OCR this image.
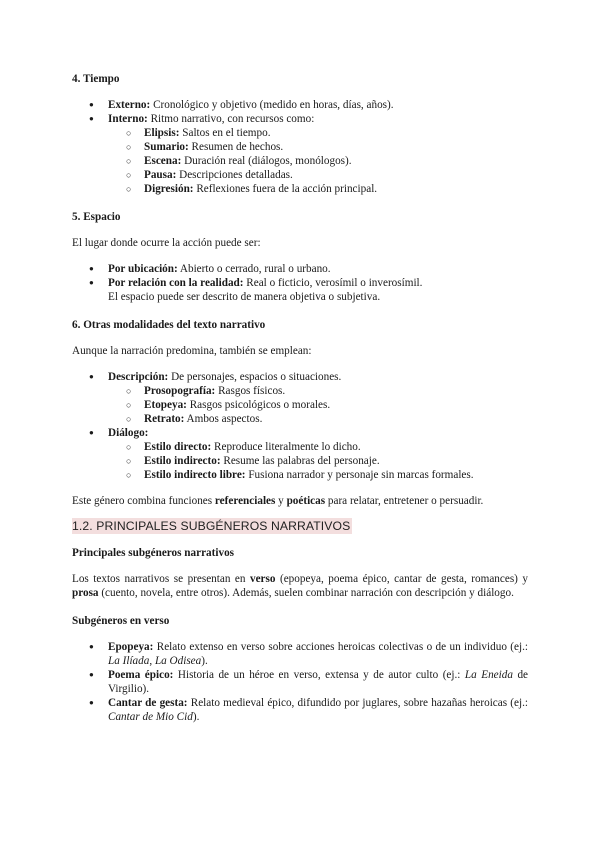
4. Tiempo
● Externo: Cronológico y objetivo (medido en horas, días, años).
● Interno: Ritmo narrativo, con recursos como:
○ Elipsis: Saltos en el tiempo.
○ Sumario: Resumen de hechos.
○ Escena: Duración real (diálogos, monólogos).
○ Pausa: Descripciones detalladas.
○ Digresión: Reflexiones fuera de la acción principal.
5. Espacio

El lugar donde ocurre la acción puede ser:

● Por ubicación: Abierto o cerrado, rural o urbano.
● Por relación con la realidad: Real o ficticio, verosímil o inverosímil.
El espacio puede ser descrito de manera objetiva o subjetiva.
6. Otras modalidades del texto narrativo

Aunque la narración predomina, también se emplean:

● Descripción: De personajes, espacios o situaciones.
○ Prosopografía: Rasgos físicos.
○ Etopeya: Rasgos psicológicos o morales.
○ Retrato: Ambos aspectos.
● Diálogo:
○ Estilo directo: Reproduce literalmente lo dicho.
○ Estilo indirecto: Resume las palabras del personaje.
○ Estilo indirecto libre: Fusiona narrador y personaje sin marcas formales.

Este género combina funciones referenciales y poéticas para relatar, entretener o persuadir.

1.2. PRINCIPALES SUBGÉNEROS NARRATIVOS
Principales subgéneros narrativos

Los textos narrativos se presentan en verso (epopeya, poema épico, cantar de gesta, romances) y prosa (cuento, novela, entre otros). Además, suelen combinar narración con descripción y diálogo.

Subgéneros en verso
● Epopeya: Relato extenso en verso sobre acciones heroicas colectivas o de un individuo (ej.: La Ilíada, La Odisea).
● Poema épico: Historia de un héroe en verso, extensa y de autor culto (ej.: La Eneida de Virgilio).
● Cantar de gesta: Relato medieval épico, difundido por juglares, sobre hazañas heroicas (ej.: Cantar de Mio Cid).
